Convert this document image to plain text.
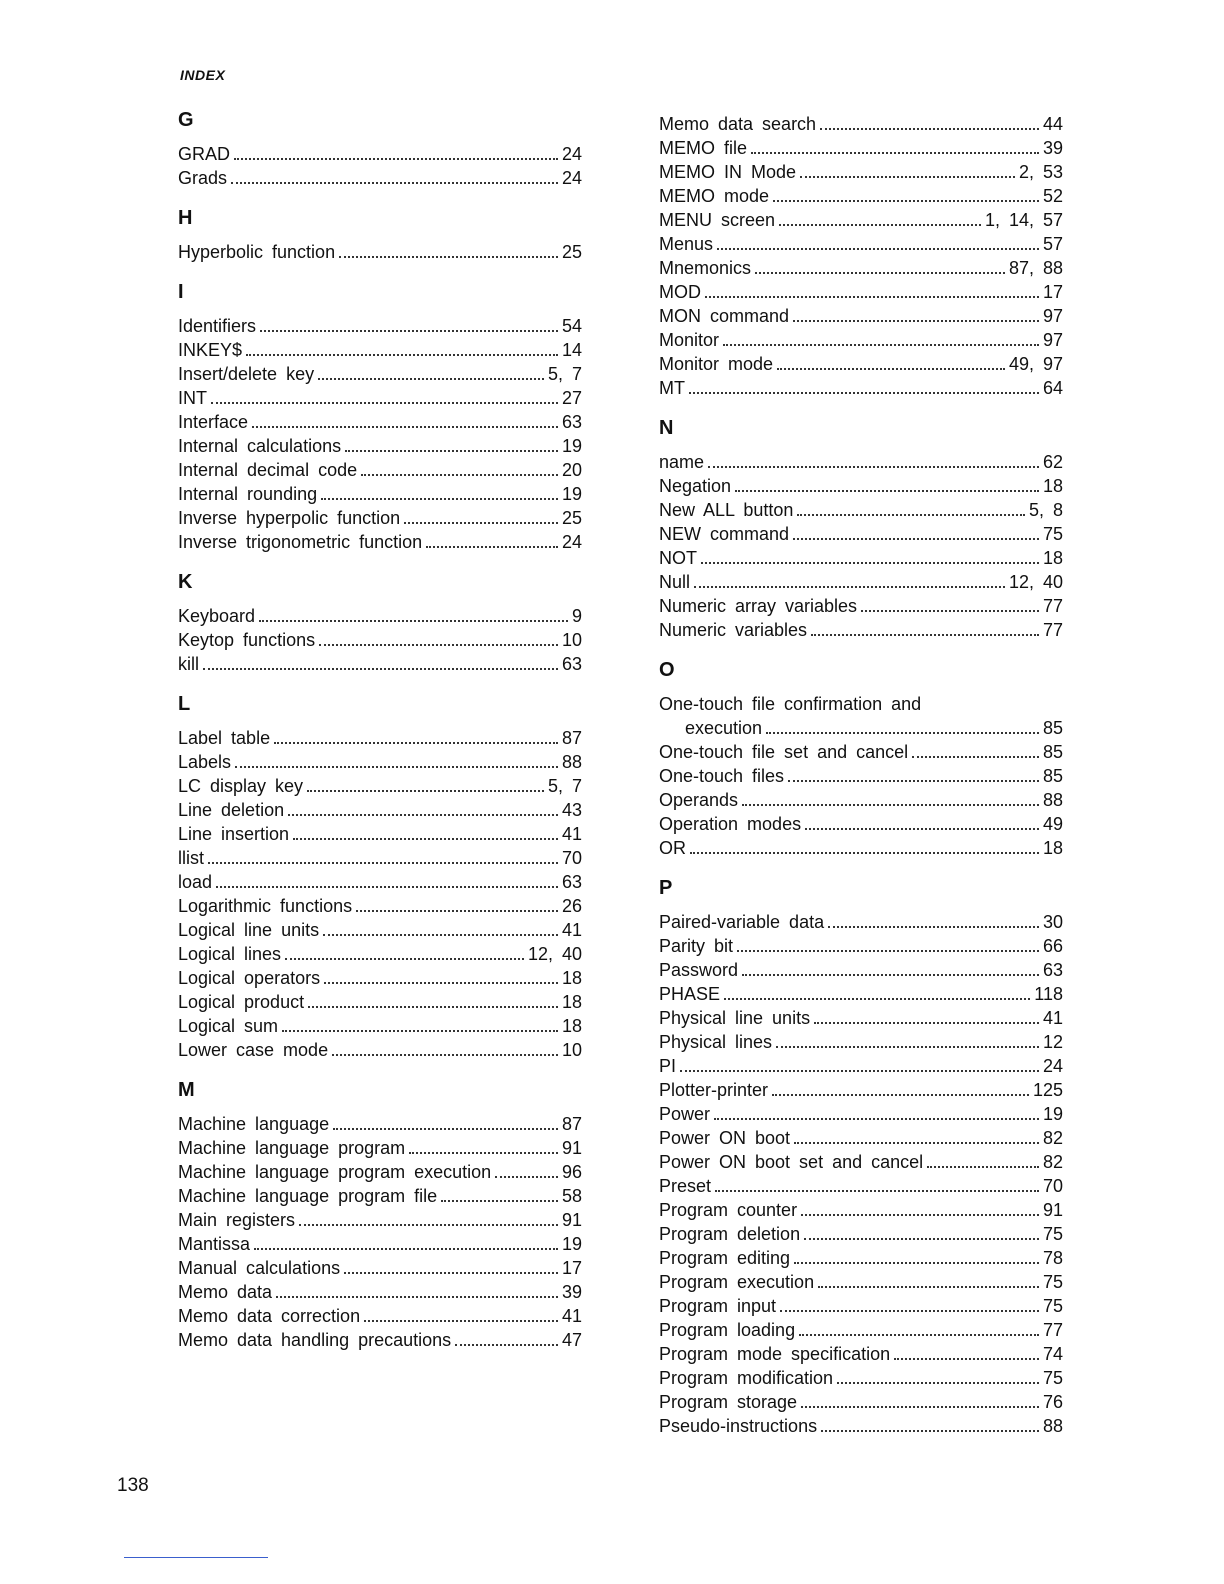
INDEX
G
GRAD	24
Grads	24
H
Hyperbolic function	25
I
Identifiers	54
INKEY$	14
Insert/delete key	5, 7
INT	27
Interface	63
Internal calculations	19
Internal decimal code	20
Internal rounding	19
Inverse hyperpolic function	25
Inverse trigonometric function	24
K
Keyboard	9
Keytop functions	10
kill	63
L
Label table	87
Labels	88
LC display key	5, 7
Line deletion	43
Line insertion	41
llist	70
load	63
Logarithmic functions	26
Logical line units	41
Logical lines	12, 40
Logical operators	18
Logical product	18
Logical sum	18
Lower case mode	10
M
Machine language	87
Machine language program	91
Machine language program execution	96
Machine language program file	58
Main registers	91
Mantissa	19
Manual calculations	17
Memo data	39
Memo data correction	41
Memo data handling precautions	47
Memo data search	44
MEMO file	39
MEMO IN Mode	2, 53
MEMO mode	52
MENU screen	1, 14, 57
Menus	57
Mnemonics	87, 88
MOD	17
MON command	97
Monitor	97
Monitor mode	49, 97
MT	64
N
name	62
Negation	18
New ALL button	5, 8
NEW command	75
NOT	18
Null	12, 40
Numeric array variables	77
Numeric variables	77
O
One-touch file confirmation and
execution	85
One-touch file set and cancel	85
One-touch files	85
Operands	88
Operation modes	49
OR	18
P
Paired-variable data	30
Parity bit	66
Password	63
PHASE	118
Physical line units	41
Physical lines	12
PI	24
Plotter-printer	125
Power	19
Power ON boot	82
Power ON boot set and cancel	82
Preset	70
Program counter	91
Program deletion	75
Program editing	78
Program execution	75
Program input	75
Program loading	77
Program mode specification	74
Program modification	75
Program storage	76
Pseudo-instructions	88
138
